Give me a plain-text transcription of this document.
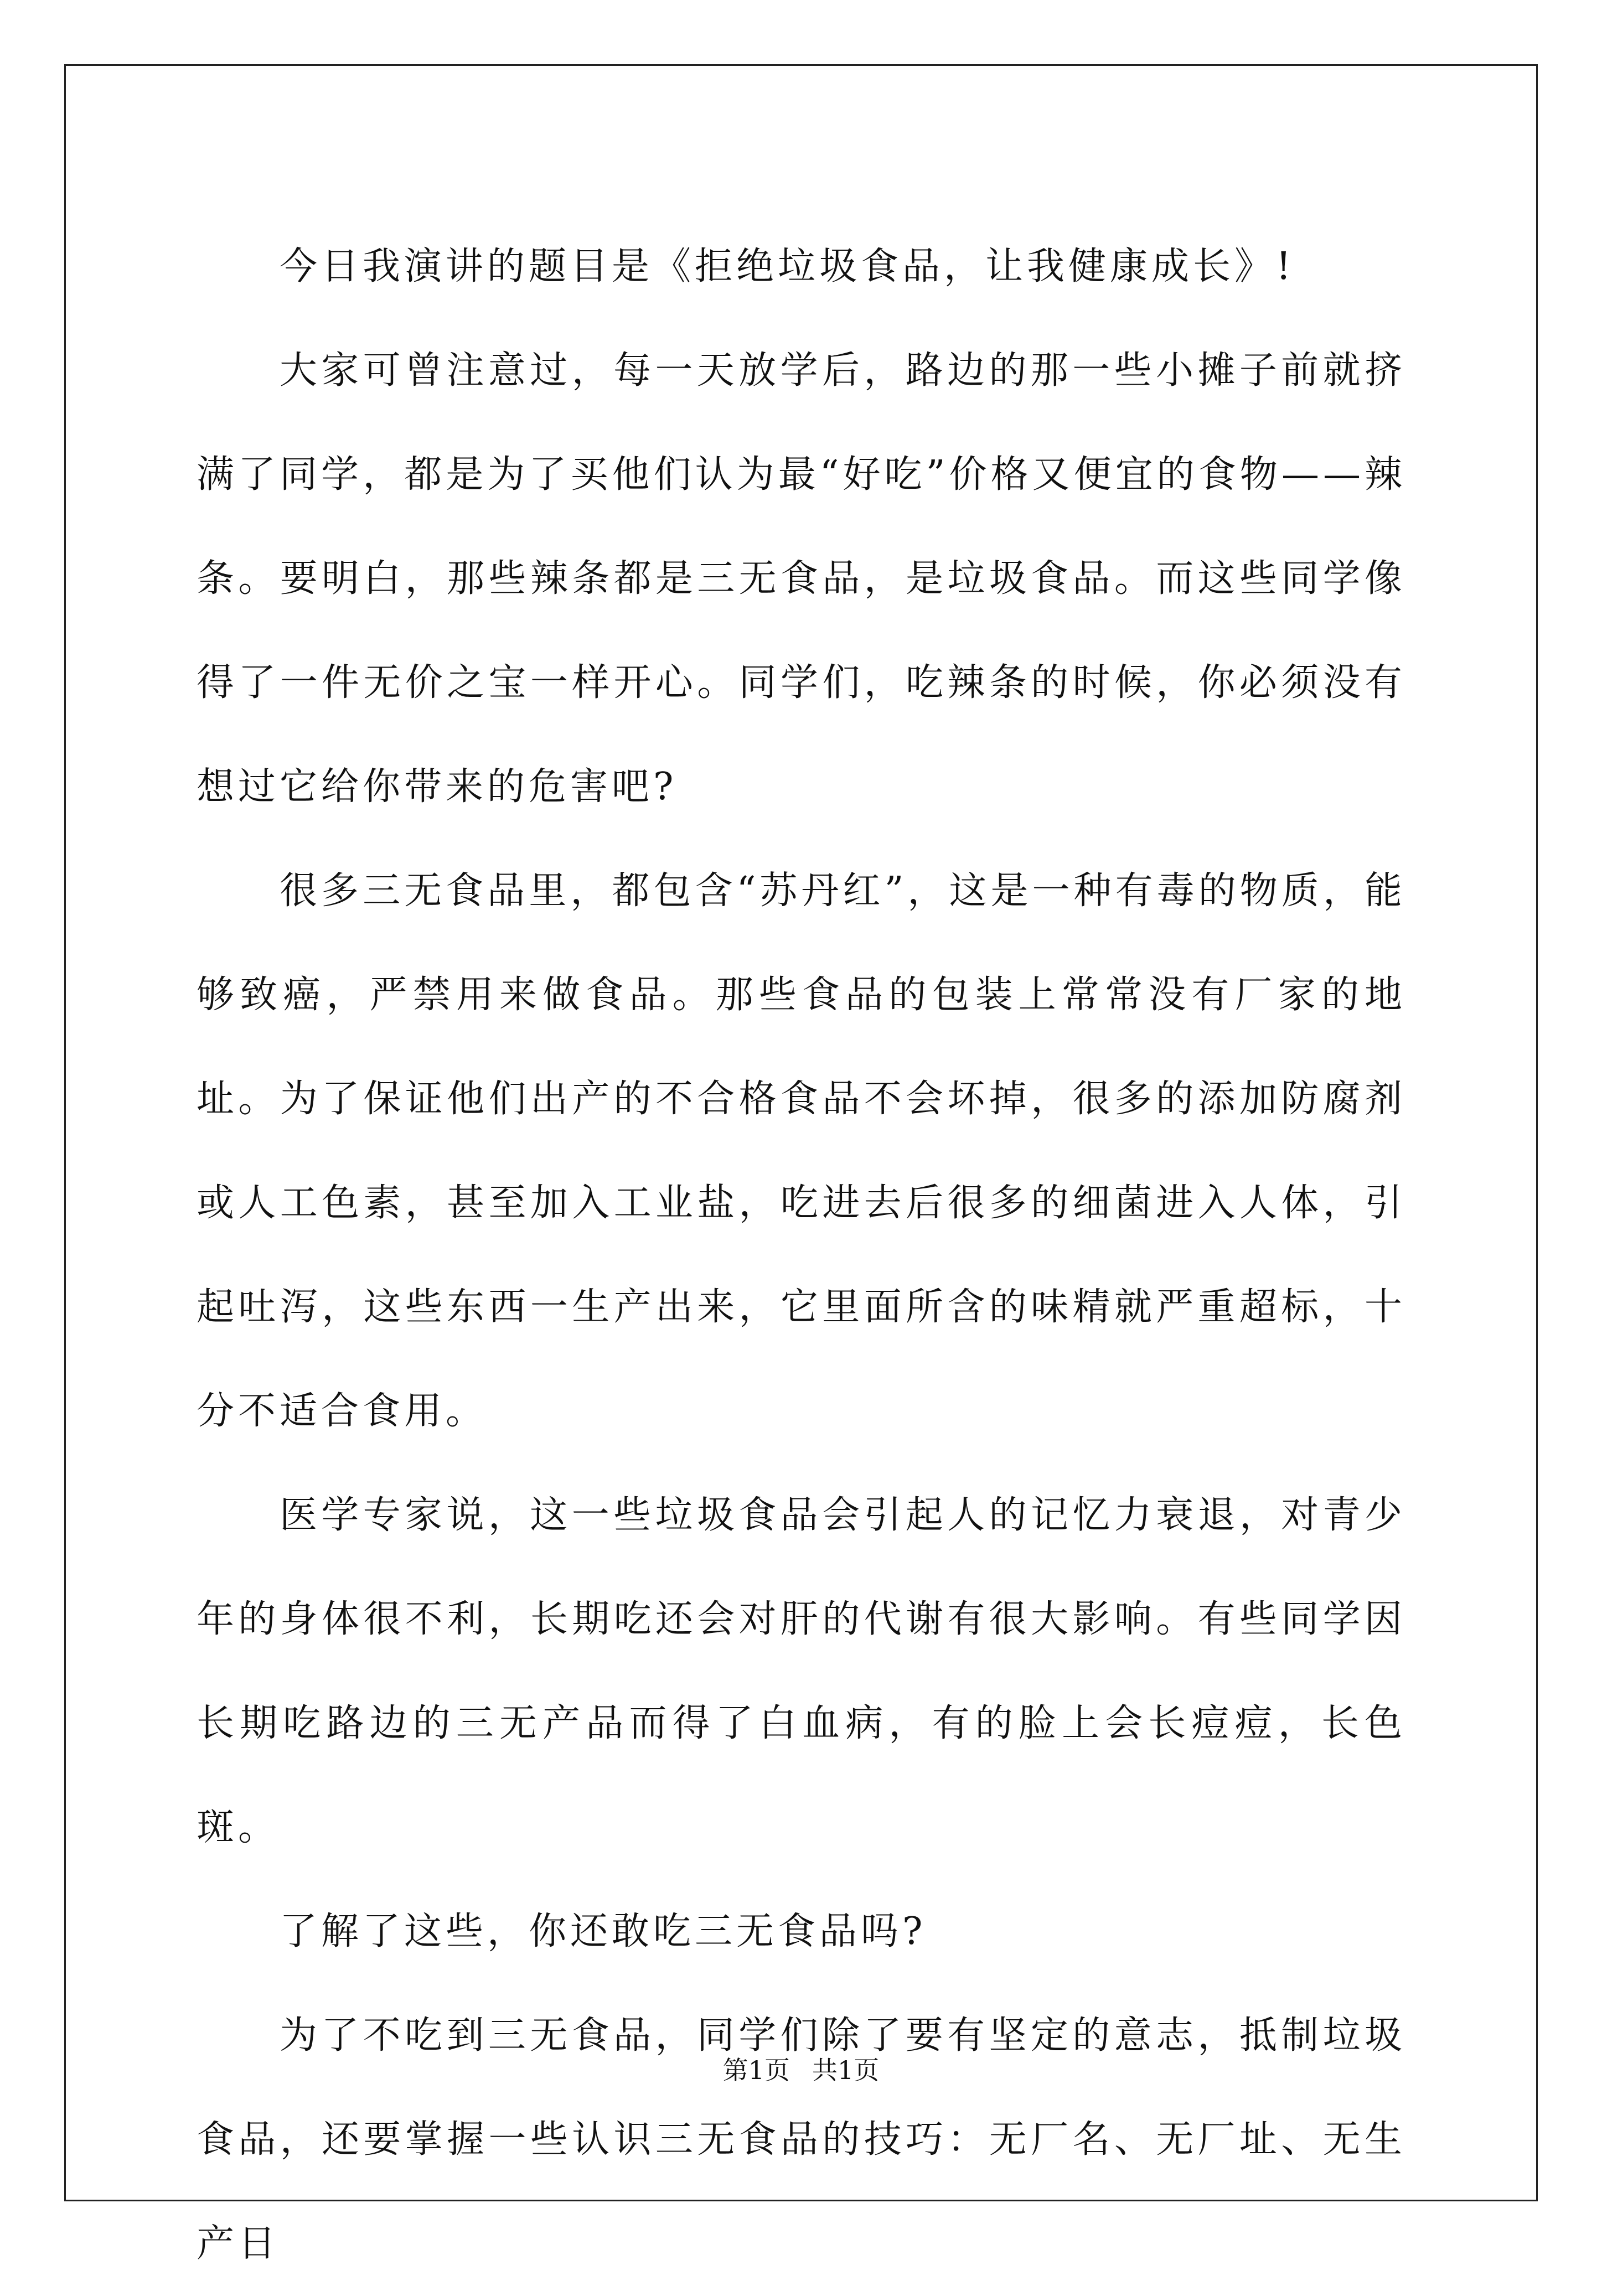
今日我演讲的题目是《拒绝垃圾食品，让我健康成长》!

大家可曾注意过，每一天放学后，路边的那一些小摊子前就挤满了同学，都是为了买他们认为最“好吃”价格又便宜的食物——辣条。要明白，那些辣条都是三无食品，是垃圾食品。而这些同学像得了一件无价之宝一样开心。同学们，吃辣条的时候，你必须没有想过它给你带来的危害吧?

很多三无食品里，都包含“苏丹红”，这是一种有毒的物质，能够致癌，严禁用来做食品。那些食品的包装上常常没有厂家的地址。为了保证他们出产的不合格食品不会坏掉，很多的添加防腐剂或人工色素，甚至加入工业盐，吃进去后很多的细菌进入人体，引起吐泻，这些东西一生产出来，它里面所含的味精就严重超标，十分不适合食用。

医学专家说，这一些垃圾食品会引起人的记忆力衰退，对青少年的身体很不利，长期吃还会对肝的代谢有很大影响。有些同学因长期吃路边的三无产品而得了白血病，有的脸上会长痘痘，长色斑。

了解了这些，你还敢吃三无食品吗?

为了不吃到三无食品，同学们除了要有坚定的意志，抵制垃圾食品，还要掌握一些认识三无食品的技巧：无厂名、无厂址、无生产日

第1页 共1页
